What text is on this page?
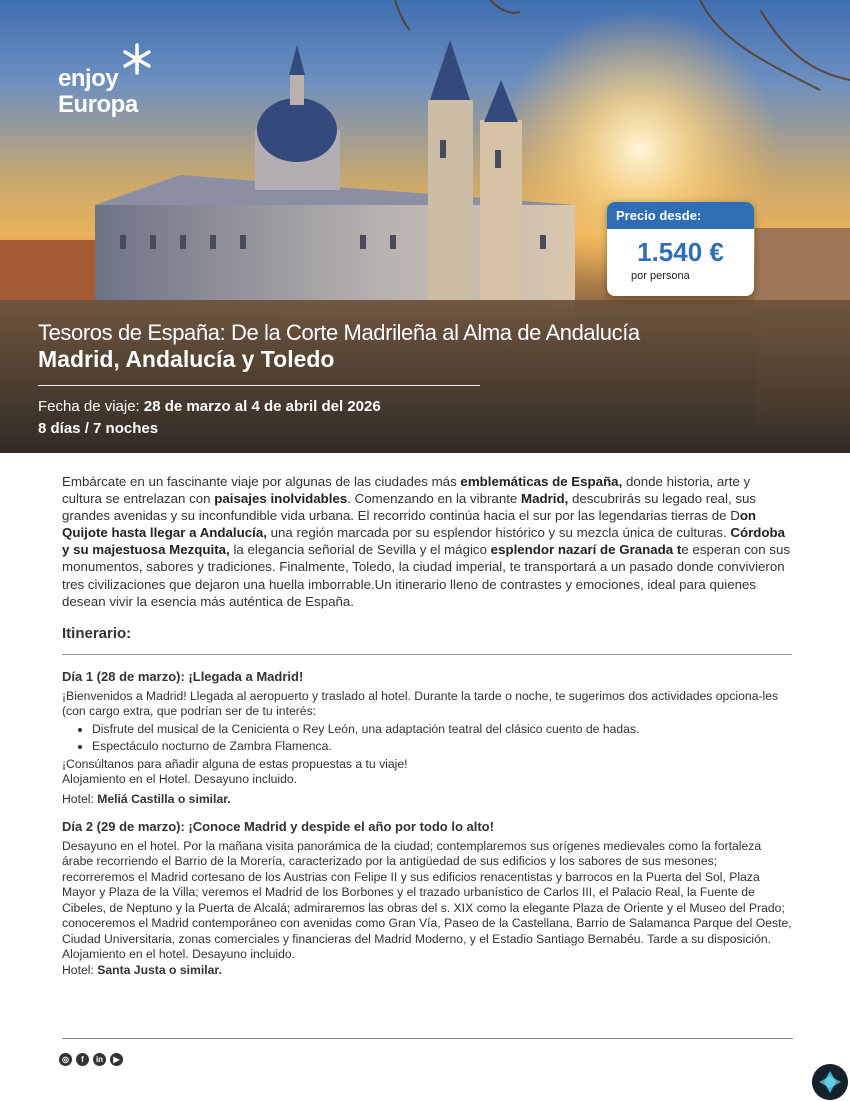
enjoy
Europa
Precio desde:
1.540 €
por persona
Tesoros de España: De la Corte Madrileña al Alma de Andalucía
Madrid, Andalucía y Toledo
Fecha de viaje: 28 de marzo al 4 de abril del 2026
8 días / 7 noches
Embárcate en un fascinante viaje por algunas de las ciudades más emblemáticas de España, donde historia, arte y cultura se entrelazan con paisajes inolvidables. Comenzando en la vibrante Madrid, descubrirás su legado real, sus grandes avenidas y su inconfundible vida urbana. El recorrido continúa hacia el sur por las legendarias tierras de Don Quijote hasta llegar a Andalucía, una región marcada por su esplendor histórico y su mezcla única de culturas. Córdoba y su majestuosa Mezquita, la elegancia señorial de Sevilla y el mágico esplendor nazarí de Granada te esperan con sus monumentos, sabores y tradiciones. Finalmente, Toledo, la ciudad imperial, te transportará a un pasado donde convivieron tres civilizaciones que dejaron una huella imborrable.Un itinerario lleno de contrastes y emociones, ideal para quienes desean vivir la esencia más auténtica de España.
Itinerario:
Día 1 (28 de marzo): ¡Llegada a Madrid!

¡Bienvenidos a Madrid! Llegada al aeropuerto y traslado al hotel. Durante la tarde o noche, te sugerimos dos actividades opciona-les (con cargo extra, que podrían ser de tu interés:

• Disfrute del musical de la Cenicienta o Rey León, una adaptación teatral del clásico cuento de hadas.
• Espectáculo nocturno de Zambra Flamenca.

¡Consúltanos para añadir alguna de estas propuestas a tu viaje!

Alojamiento en el Hotel. Desayuno incluido.

Hotel: Meliá Castilla o similar.

Día 2 (29 de marzo): ¡Conoce Madrid y despide el año por todo lo alto!

Desayuno en el hotel. Por la mañana visita panorámica de la ciudad; contemplaremos sus orígenes medievales como la fortaleza árabe recorriendo el Barrio de la Morería, caracterizado por la antigüedad de sus edificios y los sabores de sus mesones; recorreremos el Madrid cortesano de los Austrias con Felipe II y sus edificios renacentistas y barrocos en la Puerta del Sol, Plaza Mayor y Plaza de la Villa; veremos el Madrid de los Borbones y el trazado urbanístico de Carlos III, el Palacio Real, la Fuente de Cibeles, de Neptuno y la Puerta de Alcalá; admiraremos las obras del s. XIX como la elegante Plaza de Oriente y el Museo del Prado; conoceremos el Madrid contemporáneo con avenidas como Gran Vía, Paseo de la Castellana, Barrio de Salamanca Parque del Oeste, Ciudad Universitaria, zonas comerciales y financieras del Madrid Moderno, y el Estadio Santiago Bernabéu. Tarde a su disposición.

Alojamiento en el hotel. Desayuno incluido.

Hotel: Santa Justa o similar.

◎	f	in	▶
